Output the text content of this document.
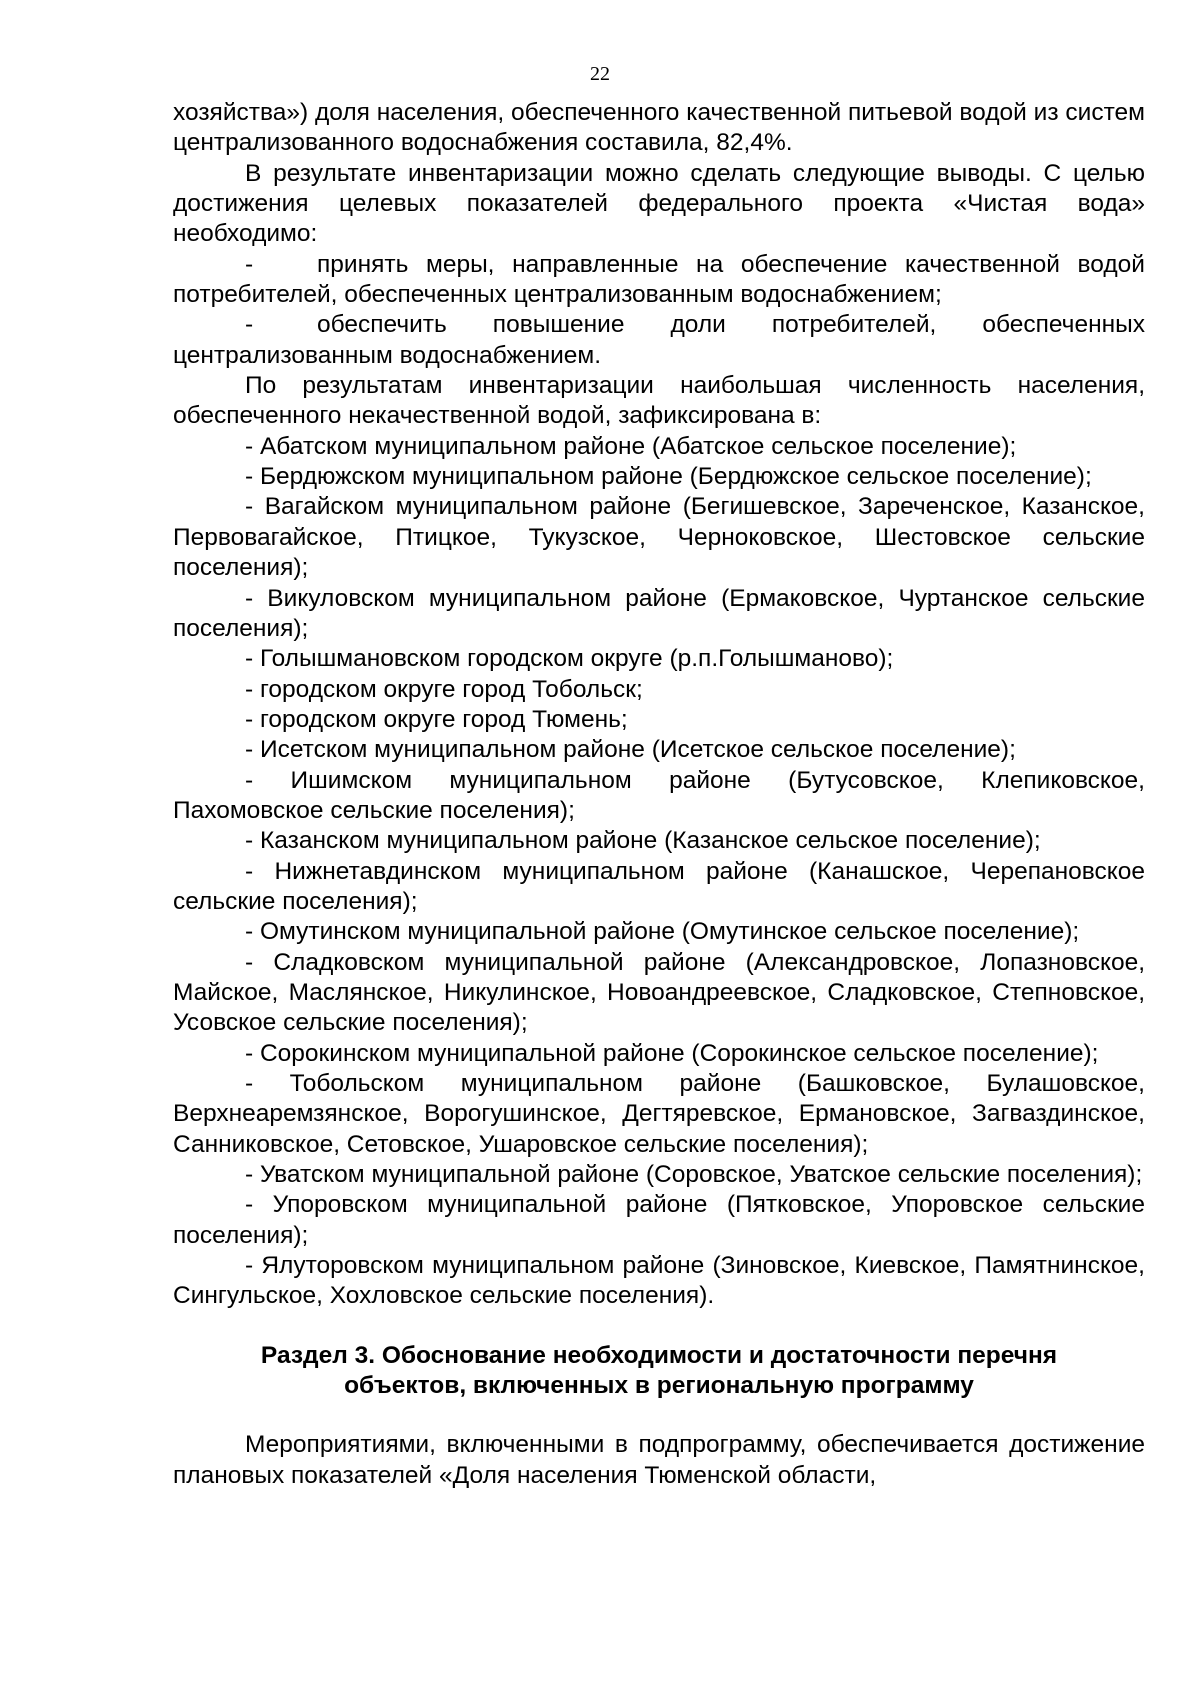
22

хозяйства») доля населения, обеспеченного качественной питьевой водой из систем централизованного водоснабжения составила, 82,4%.

В результате инвентаризации можно сделать следующие выводы. С целью достижения целевых показателей федерального проекта «Чистая вода» необходимо:

-	принять меры, направленные на обеспечение качественной водой потребителей, обеспеченных централизованным водоснабжением;

-	обеспечить повышение доли потребителей, обеспеченных централизованным водоснабжением.

По результатам инвентаризации наибольшая численность населения, обеспеченного некачественной водой, зафиксирована в:

- Абатском муниципальном районе (Абатское сельское поселение);

- Бердюжском муниципальном районе (Бердюжское сельское поселение);

- Вагайском муниципальном районе (Бегишевское, Зареченское, Казанское, Первовагайское, Птицкое, Тукузское, Черноковское, Шестовское сельские поселения);

- Викуловском муниципальном районе (Ермаковское, Чуртанское сельские поселения);

- Голышмановском городском округе (р.п.Голышманово);

- городском округе город Тобольск;

- городском округе город Тюмень;

- Исетском муниципальном районе (Исетское сельское поселение);

- Ишимском муниципальном районе (Бутусовское, Клепиковское, Пахомовское сельские поселения);

- Казанском муниципальном районе (Казанское сельское поселение);

- Нижнетавдинском муниципальном районе (Канашское, Черепановское сельские поселения);

- Омутинском муниципальной районе (Омутинское сельское поселение);

- Сладковском муниципальной районе (Александровское, Лопазновское, Майское, Маслянское, Никулинское, Новоандреевское, Сладковское, Степновское, Усовское сельские поселения);

- Сорокинском муниципальной районе (Сорокинское сельское поселение);

- Тобольском муниципальном районе (Башковское, Булашовское, Верхнеаремзянское, Ворогушинское, Дегтяревское, Ермановское, Загваздинское, Санниковское, Сетовское, Ушаровское сельские поселения);

- Уватском муниципальной районе (Соровское, Уватское сельские поселения);

- Упоровском муниципальной районе (Пятковское, Упоровское сельские поселения);

- Ялуторовском муниципальном районе (Зиновское, Киевское, Памятнинское, Сингульское, Хохловское сельские поселения).

Раздел 3. Обоснование необходимости и достаточности перечня
объектов, включенных в региональную программу

Мероприятиями, включенными в подпрограмму, обеспечивается достижение плановых показателей «Доля населения Тюменской области,
